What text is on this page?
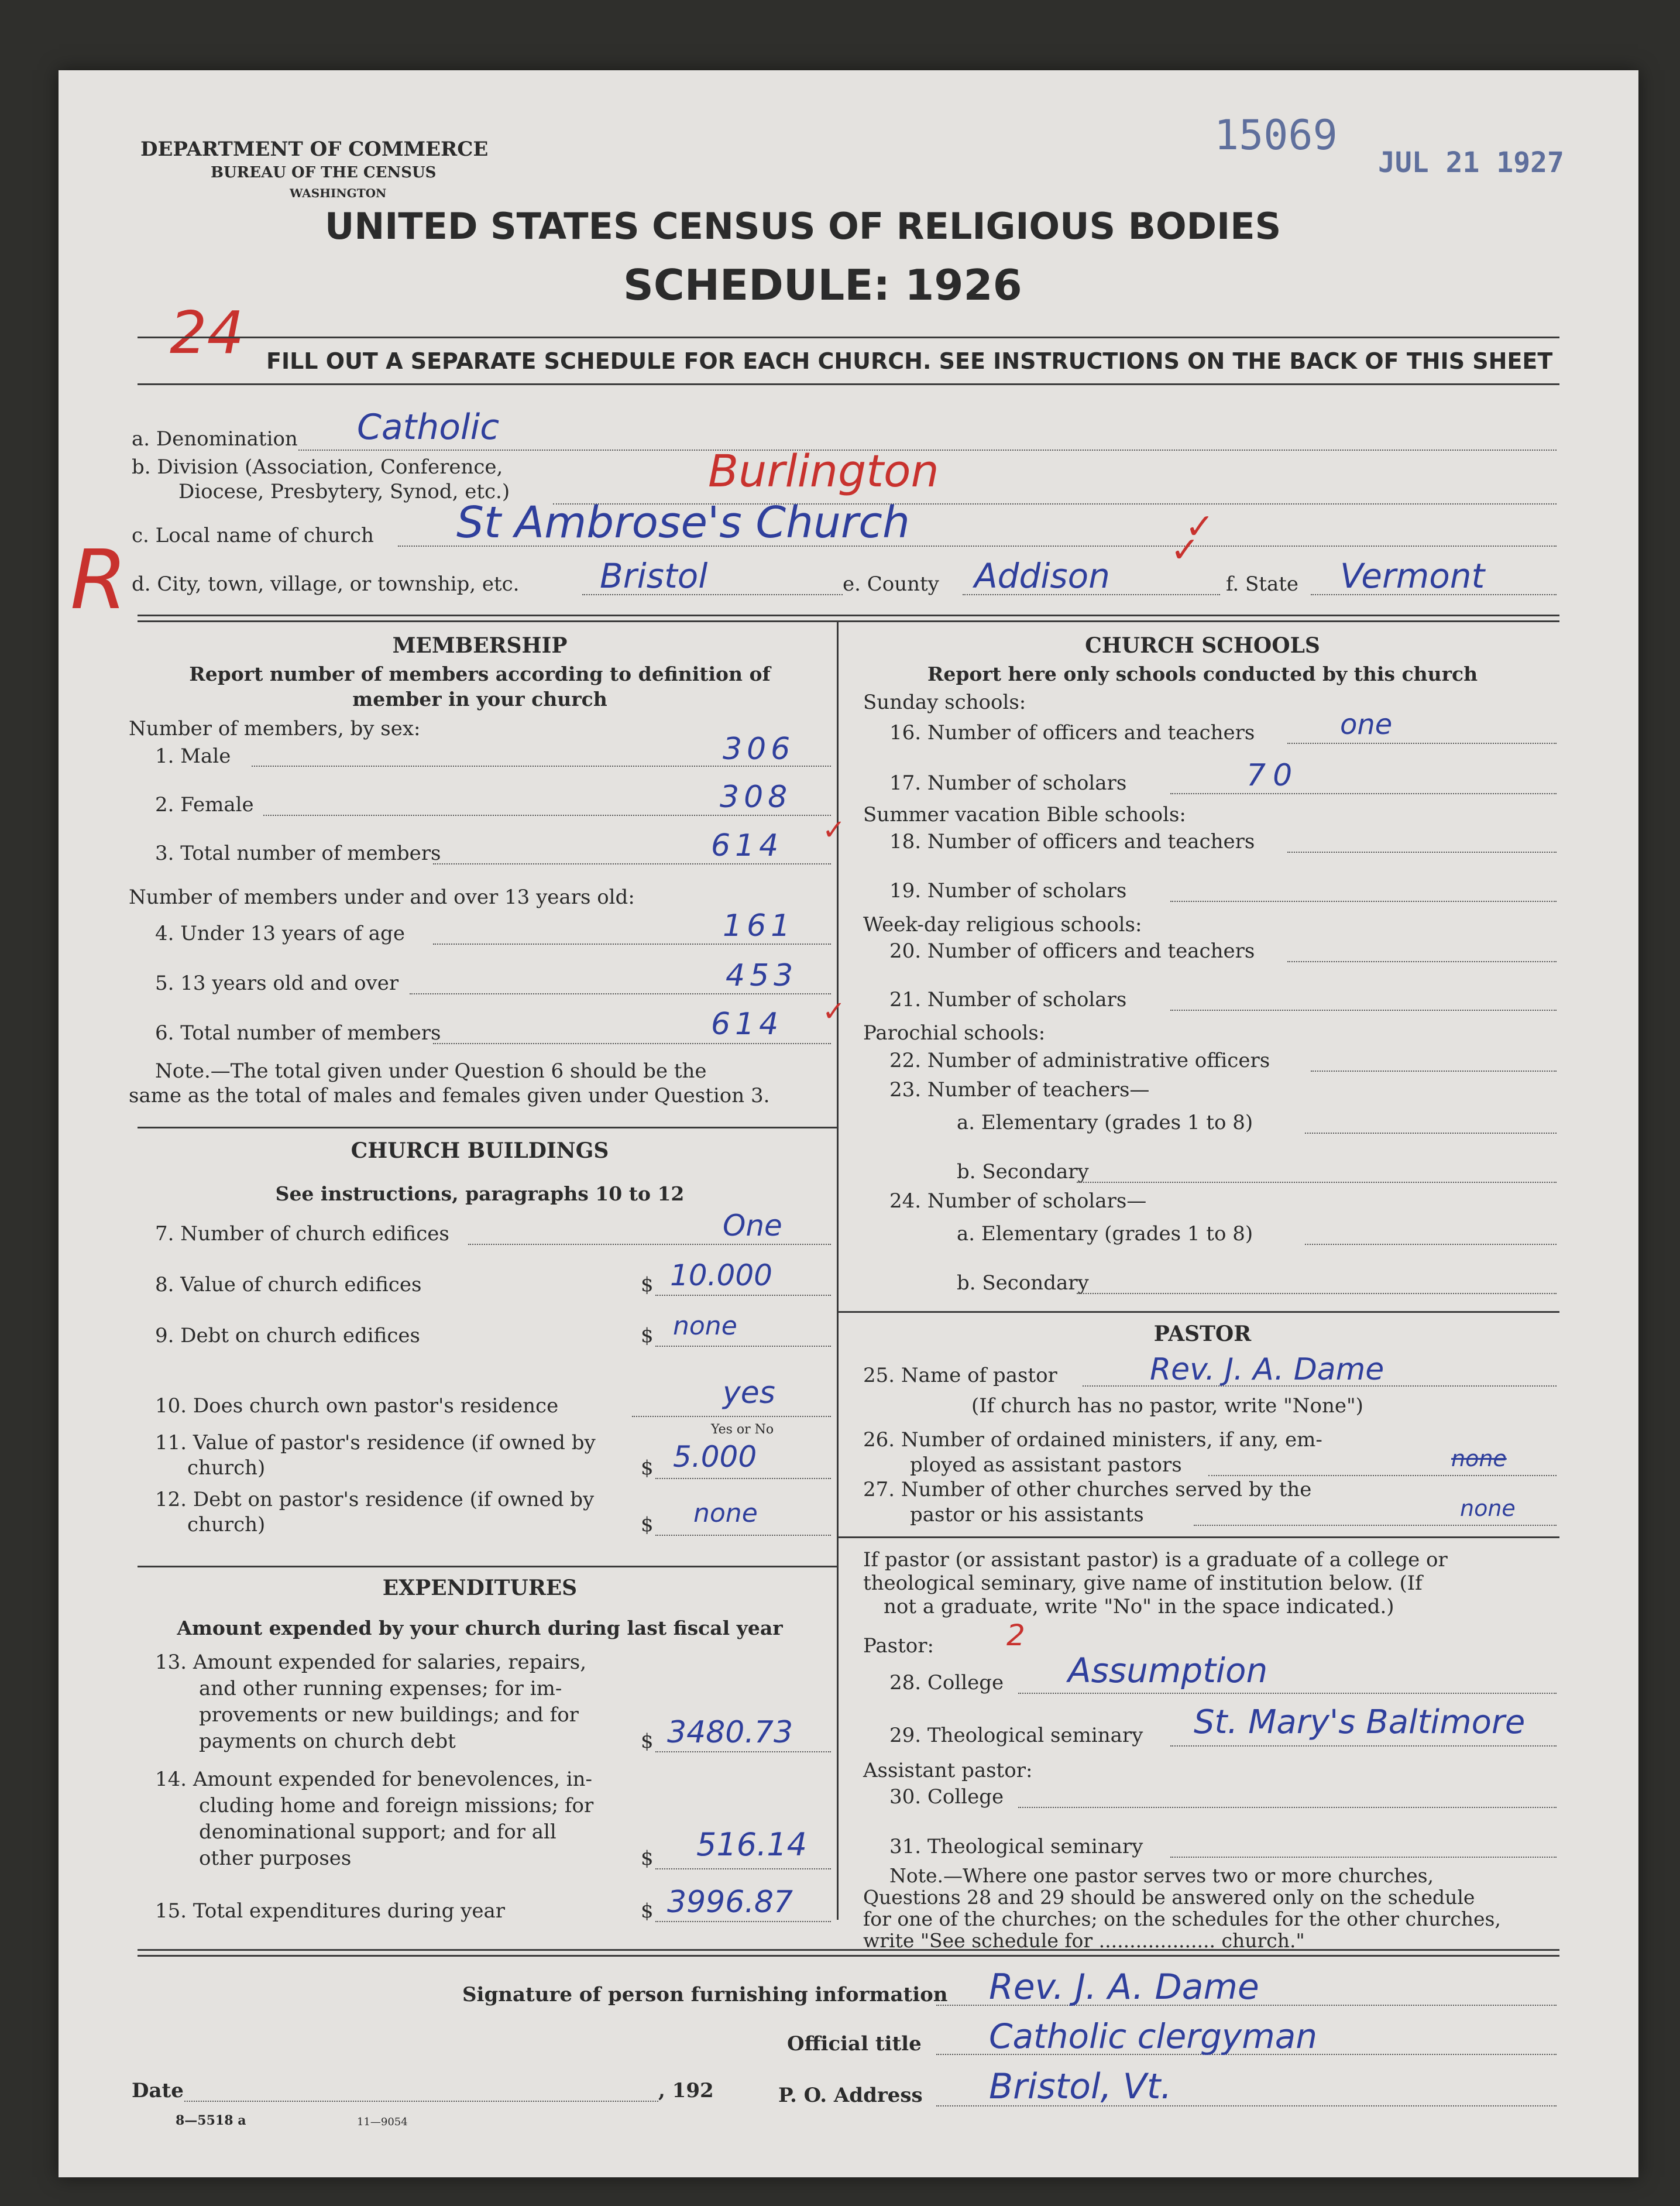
DEPARTMENT OF COMMERCE
BUREAU OF THE CENSUS
WASHINGTON
15069
JUL 21 1927
24
UNITED STATES CENSUS OF RELIGIOUS BODIES
SCHEDULE: 1926
FILL OUT A SEPARATE SCHEDULE FOR EACH CHURCH. SEE INSTRUCTIONS ON THE BACK OF THIS SHEET
a. Denomination Catholic
b. Division (Association, Conference,
Diocese, Presbytery, Synod, etc.)	Burlington
c. Local name of church St Ambrose's Church	✓
R d. City, town, village, or township, etc. Bristol	e. County Addison
✓
f. State Vermont
MEMBERSHIP
Report number of members according to definition of
member in your church
Number of members, by sex:
1. Male	306
2. Female	308
3. Total number of members	614 ✓
Number of members under and over 13 years old:
4. Under 13 years of age	161
5. 13 years old and over	453
6. Total number of members	614 ✓
Note.—The total given under Question 6 should be the
same as the total of males and females given under Question 3.
CHURCH BUILDINGS
See instructions, paragraphs 10 to 12
7. Number of church edifices	One
8. Value of church edifices	$ 10.000
9. Debt on church edifices	$ none
10. Does church own pastor's residence	yes
Yes or No
11. Value of pastor's residence (if owned by
church)	$ 5.000
12. Debt on pastor's residence (if owned by
church)	$ none
EXPENDITURES
Amount expended by your church during last fiscal year
13. Amount expended for salaries, repairs,
and other running expenses; for im-
provements or new buildings; and for
payments on church debt	$ 3480.73
14. Amount expended for benevolences, in-
cluding home and foreign missions; for
denominational support; and for all
other purposes	$ 516.14
15. Total expenditures during year	$ 3996.87
CHURCH SCHOOLS
Report here only schools conducted by this church
Sunday schools:
16. Number of officers and teachers	one
17. Number of scholars	70
Summer vacation Bible schools:
18. Number of officers and teachers
19. Number of scholars
Week-day religious schools:
20. Number of officers and teachers
21. Number of scholars
Parochial schools:
22. Number of administrative officers
23. Number of teachers—
a. Elementary (grades 1 to 8)
b. Secondary
24. Number of scholars—
a. Elementary (grades 1 to 8)
b. Secondary
PASTOR
25. Name of pastor	Rev. J. A. Dame
(If church has no pastor, write "None")
26. Number of ordained ministers, if any, em-
ployed as assistant pastors	none
27. Number of other churches served by the
pastor or his assistants	none
If pastor (or assistant pastor) is a graduate of a college or
theological seminary, give name of institution below. (If
not a graduate, write "No" in the space indicated.)
Pastor: 2
28. College Assumption
29. Theological seminary St. Mary's Baltimore
Assistant pastor:
30. College
31. Theological seminary
Note.—Where one pastor serves two or more churches,
Questions 28 and 29 should be answered only on the schedule
for one of the churches; on the schedules for the other churches,
write "See schedule for ................... church."
Signature of person furnishing information Rev. J. A. Dame
Official title Catholic clergyman
Date	, 192	P. O. Address Bristol, Vt.
8—5518 a	11—9054
